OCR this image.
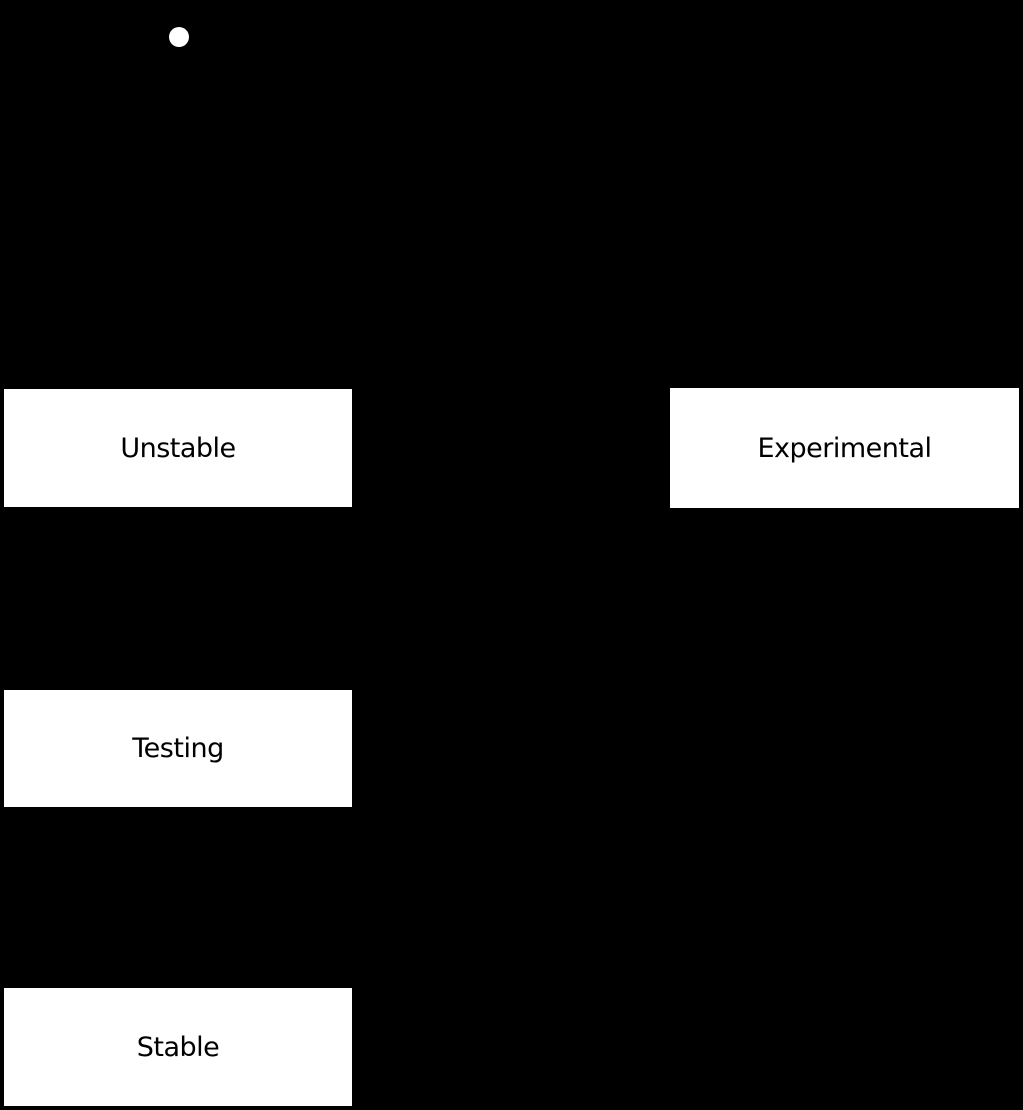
Unstable	Experimental
Testing
Stable
